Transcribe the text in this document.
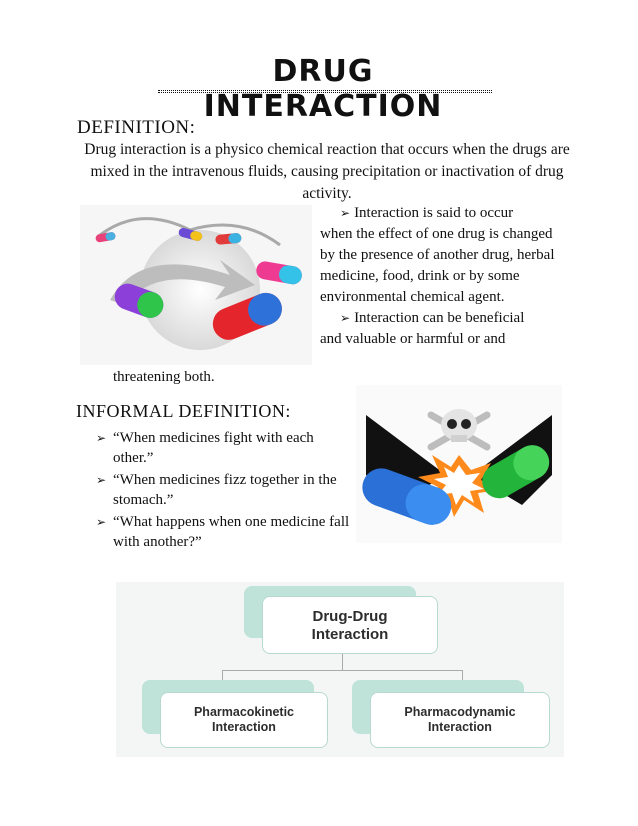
DRUG INTERACTION
DEFINITION:
Drug interaction is a physico chemical reaction that occurs when the drugs are mixed in the intravenous fluids, causing precipitation or inactivation of drug activity.
➢ Interaction is said to occur
when the effect of one drug is changed by the presence of another drug, herbal medicine, food, drink or by some environmental chemical agent.
➢ Interaction can be beneficial
and valuable or harmful or and
threatening both.
INFORMAL DEFINITION:
➢ “When medicines fight with each other.”
➢ “When medicines fizz together in the stomach.”
➢ “What happens when one medicine fall with another?”
Drug-Drug
Interaction
Pharmacokinetic
Interaction
Pharmacodynamic
Interaction
